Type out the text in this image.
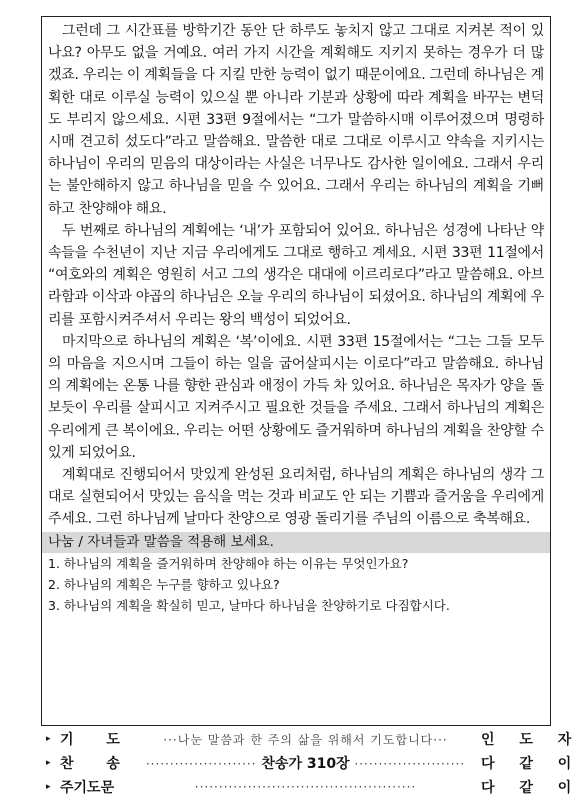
그런데 그 시간표를 방학기간 동안 단 하루도 놓치지 않고 그대로 지켜본 적이 있나요? 아무도 없을 거예요. 여러 가지 시간을 계획해도 지키지 못하는 경우가 더 많겠죠. 우리는 이 계획들을 다 지킬 만한 능력이 없기 때문이에요. 그런데 하나님은 계획한 대로 이루실 능력이 있으실 뿐 아니라 기분과 상황에 따라 계획을 바꾸는 변덕도 부리지 않으세요. 시편 33편 9절에서는 “그가 말씀하시매 이루어졌으며 명령하시매 견고히 섰도다”라고 말씀해요. 말씀한 대로 그대로 이루시고 약속을 지키시는 하나님이 우리의 믿음의 대상이라는 사실은 너무나도 감사한 일이에요. 그래서 우리는 불안해하지 않고 하나님을 믿을 수 있어요. 그래서 우리는 하나님의 계획을 기뻐하고 찬양해야 해요.

두 번째로 하나님의 계획에는 ‘내’가 포함되어 있어요. 하나님은 성경에 나타난 약속들을 수천년이 지난 지금 우리에게도 그대로 행하고 계세요. 시편 33편 11절에서 “여호와의 계획은 영원히 서고 그의 생각은 대대에 이르리로다”라고 말씀해요. 아브라함과 이삭과 야곱의 하나님은 오늘 우리의 하나님이 되셨어요. 하나님의 계획에 우리를 포함시켜주셔서 우리는 왕의 백성이 되었어요.

마지막으로 하나님의 계획은 ‘복’이에요. 시편 33편 15절에서는 “그는 그들 모두의 마음을 지으시며 그들이 하는 일을 굽어살피시는 이로다”라고 말씀해요. 하나님의 계획에는 온통 나를 향한 관심과 애정이 가득 차 있어요. 하나님은 목자가 양을 돌보듯이 우리를 살피시고 지켜주시고 필요한 것들을 주세요. 그래서 하나님의 계획은 우리에게 큰 복이에요. 우리는 어떤 상황에도 즐거워하며 하나님의 계획을 찬양할 수 있게 되었어요.

계획대로 진행되어서 맛있게 완성된 요리처럼, 하나님의 계획은 하나님의 생각 그대로 실현되어서 맛있는 음식을 먹는 것과 비교도 안 되는 기쁨과 즐거움을 우리에게 주세요. 그런 하나님께 날마다 찬양으로 영광 돌리기를 주님의 이름으로 축복해요.

나눔 / 자녀들과 말씀을 적용해 보세요.
1. 하나님의 계획을 즐거워하며 찬양해야 하는 이유는 무엇인가요?
2. 하나님의 계획은 누구를 향하고 있나요?
3. 하나님의 계획을 확실히 믿고, 날마다 하나님을 찬양하기로 다짐합시다.
▸ 기 도	···나눈 말씀과 한 주의 삶을 위해서 기도합니다···	인 도 자
▸ 찬 송 ······················· 찬송가 310장 ·······················	다 같 이
▸ 주기도문	··············································	다 같 이
